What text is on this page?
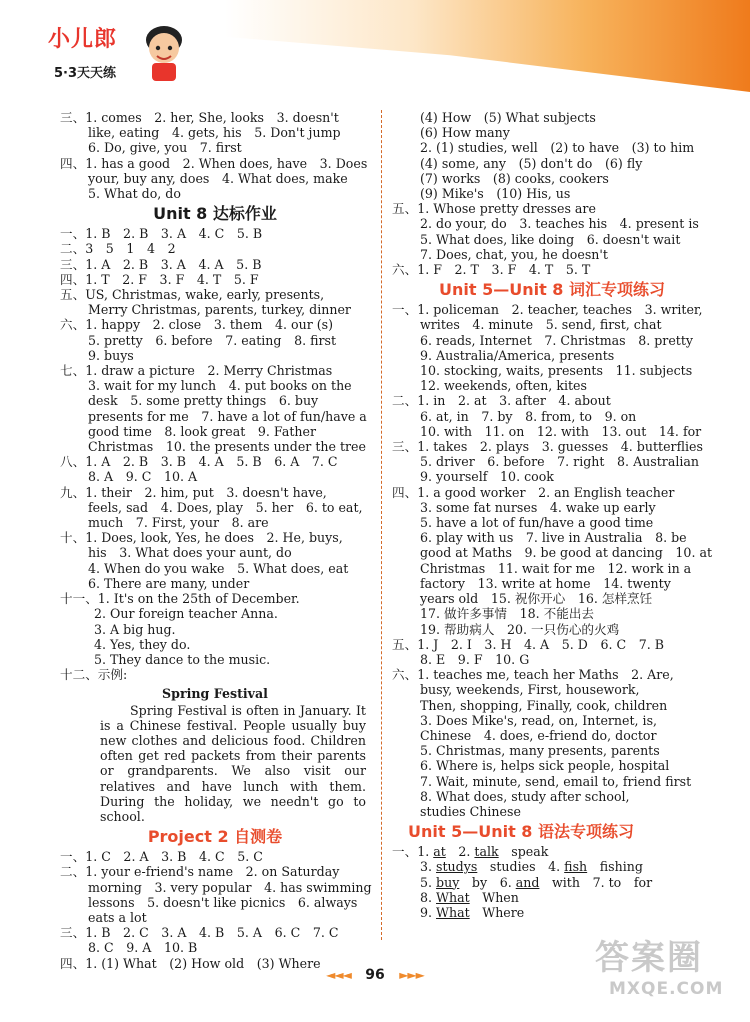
小儿郎
5·3天天练
三、1. comes　2. her, She, looks　3. doesn't
like, eating　4. gets, his　5. Don't jump
6. Do, give, you　7. first
四、1. has a good　2. When does, have　3. Does
your, buy any, does　4. What does, make
5. What do, do
Unit 8 达标作业
一、1. B　2. B　3. A　4. C　5. B
二、3　5　1　4　2
三、1. A　2. B　3. A　4. A　5. B
四、1. T　2. F　3. F　4. T　5. F
五、US, Christmas, wake, early, presents,
Merry Christmas, parents, turkey, dinner
六、1. happy　2. close　3. them　4. our (s)
5. pretty　6. before　7. eating　8. first
9. buys
七、1. draw a picture　2. Merry Christmas
3. wait for my lunch　4. put books on the
desk　5. some pretty things　6. buy
presents for me　7. have a lot of fun/have a
good time　8. look great　9. Father
Christmas　10. the presents under the tree
八、1. A　2. B　3. B　4. A　5. B　6. A　7. C
8. A　9. C　10. A
九、1. their　2. him, put　3. doesn't have,
feels, sad　4. Does, play　5. her　6. to eat,
much　7. First, your　8. are
十、1. Does, look, Yes, he does　2. He, buys,
his　3. What does your aunt, do
4. When do you wake　5. What does, eat
6. There are many, under
十一、1. It's on the 25th of December.
2. Our foreign teacher Anna.
3. A big hug.
4. Yes, they do.
5. They dance to the music.
十二、示例:
Spring Festival

Spring Festival is often in January. It is a Chinese festival. People usually buy new clothes and delicious food. Children often get red packets from their parents or grandparents. We also visit our relatives and have lunch with them. During the holiday, we needn't go to school.

Project 2 自测卷
一、1. C　2. A　3. B　4. C　5. C
二、1. your e-friend's name　2. on Saturday
morning　3. very popular　4. has swimming
lessons　5. doesn't like picnics　6. always
eats a lot
三、1. B　2. C　3. A　4. B　5. A　6. C　7. C
8. C　9. A　10. B
四、1. (1) What　(2) How old　(3) Where
(4) How　(5) What subjects
(6) How many
2. (1) studies, well　(2) to have　(3) to him
(4) some, any　(5) don't do　(6) fly
(7) works　(8) cooks, cookers
(9) Mike's　(10) His, us
五、1. Whose pretty dresses are
2. do your, do　3. teaches his　4. present is
5. What does, like doing　6. doesn't wait
7. Does, chat, you, he doesn't
六、1. F　2. T　3. F　4. T　5. T
Unit 5—Unit 8 词汇专项练习
一、1. policeman　2. teacher, teaches　3. writer,
writes　4. minute　5. send, first, chat
6. reads, Internet　7. Christmas　8. pretty
9. Australia/America, presents
10. stocking, waits, presents　11. subjects
12. weekends, often, kites
二、1. in　2. at　3. after　4. about
6. at, in　7. by　8. from, to　9. on
10. with　11. on　12. with　13. out　14. for
三、1. takes　2. plays　3. guesses　4. butterflies
5. driver　6. before　7. right　8. Australian
9. yourself　10. cook
四、1. a good worker　2. an English teacher
3. some fat nurses　4. wake up early
5. have a lot of fun/have a good time
6. play with us　7. live in Australia　8. be
good at Maths　9. be good at dancing　10. at
Christmas　11. wait for me　12. work in a
factory　13. write at home　14. twenty
years old　15. 祝你开心　16. 怎样烹饪
17. 做许多事情　18. 不能出去
19. 帮助病人　20. 一只伤心的火鸡
五、1. J　2. I　3. H　4. A　5. D　6. C　7. B
8. E　9. F　10. G
六、1. teaches me, teach her Maths　2. Are,
busy, weekends, First, housework,
Then, shopping, Finally, cook, children
3. Does Mike's, read, on, Internet, is,
Chinese　4. does, e-friend do, doctor
5. Christmas, many presents, parents
6. Where is, helps sick people, hospital
7. Wait, minute, send, email to, friend first
8. What does, study after school,
studies Chinese
Unit 5—Unit 8 语法专项练习
一、1. at　2. talk　speak
3. studys　studies　4. fish　fishing
5. buy　by　6. and　with　7. to　for
8. What　When
9. What　Where
◄◄◄ 96 ►►►	答案圈
MXQE.COM
